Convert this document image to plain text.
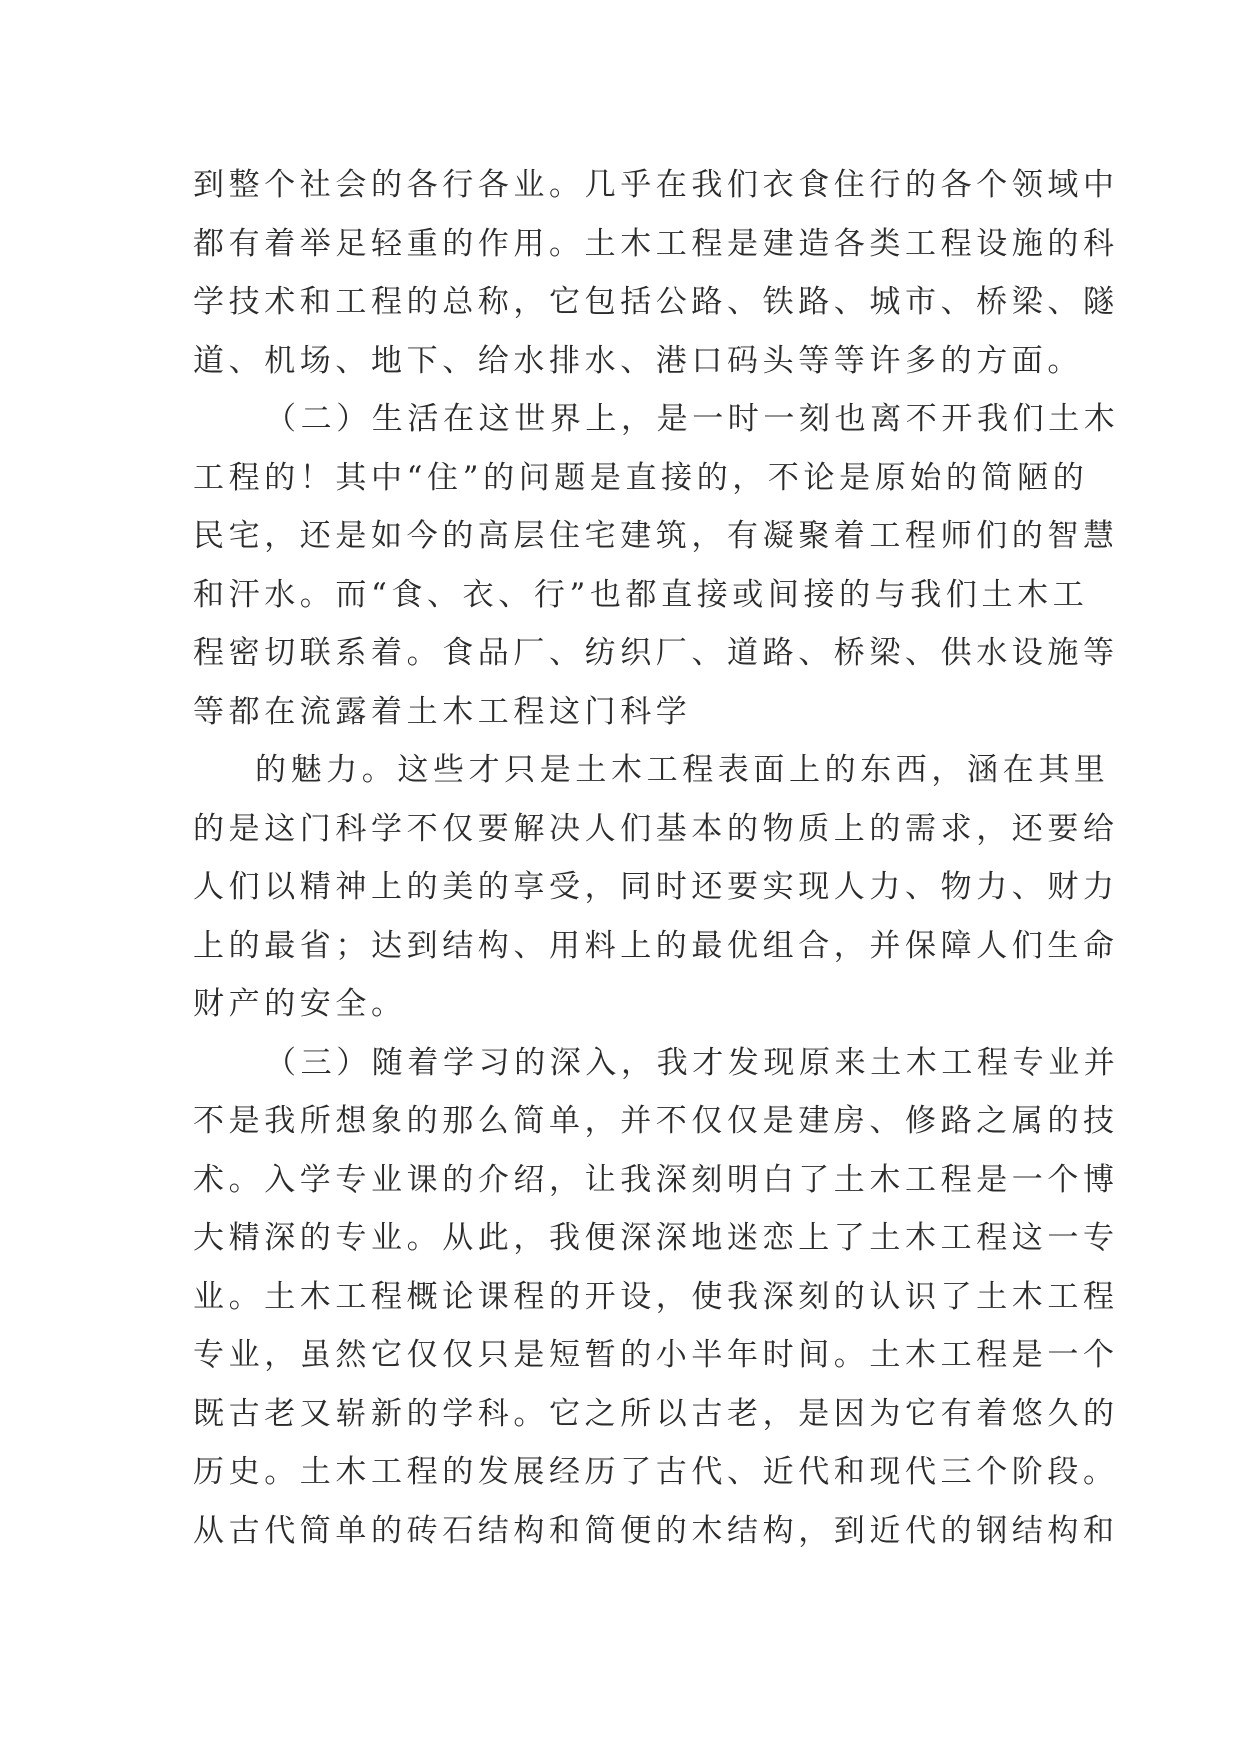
到整个社会的各行各业。几乎在我们衣食住行的各个领域中
都有着举足轻重的作用。土木工程是建造各类工程设施的科
学技术和工程的总称，它包括公路、铁路、城市、桥梁、隧
道、机场、地下、给水排水、港口码头等等许多的方面。
（二）生活在这世界上，是一时一刻也离不开我们土木
工程的！其中“住”的问题是直接的，不论是原始的简陋的
民宅，还是如今的高层住宅建筑，有凝聚着工程师们的智慧
和汗水。而“食、衣、行”也都直接或间接的与我们土木工
程密切联系着。食品厂、纺织厂、道路、桥梁、供水设施等
等都在流露着土木工程这门科学
的魅力。这些才只是土木工程表面上的东西，涵在其里
的是这门科学不仅要解决人们基本的物质上的需求，还要给
人们以精神上的美的享受，同时还要实现人力、物力、财力
上的最省；达到结构、用料上的最优组合，并保障人们生命
财产的安全。
（三）随着学习的深入，我才发现原来土木工程专业并
不是我所想象的那么简单，并不仅仅是建房、修路之属的技
术。入学专业课的介绍，让我深刻明白了土木工程是一个博
大精深的专业。从此，我便深深地迷恋上了土木工程这一专
业。土木工程概论课程的开设，使我深刻的认识了土木工程
专业，虽然它仅仅只是短暂的小半年时间。土木工程是一个
既古老又崭新的学科。它之所以古老，是因为它有着悠久的
历史。土木工程的发展经历了古代、近代和现代三个阶段。
从古代简单的砖石结构和简便的木结构，到近代的钢结构和
